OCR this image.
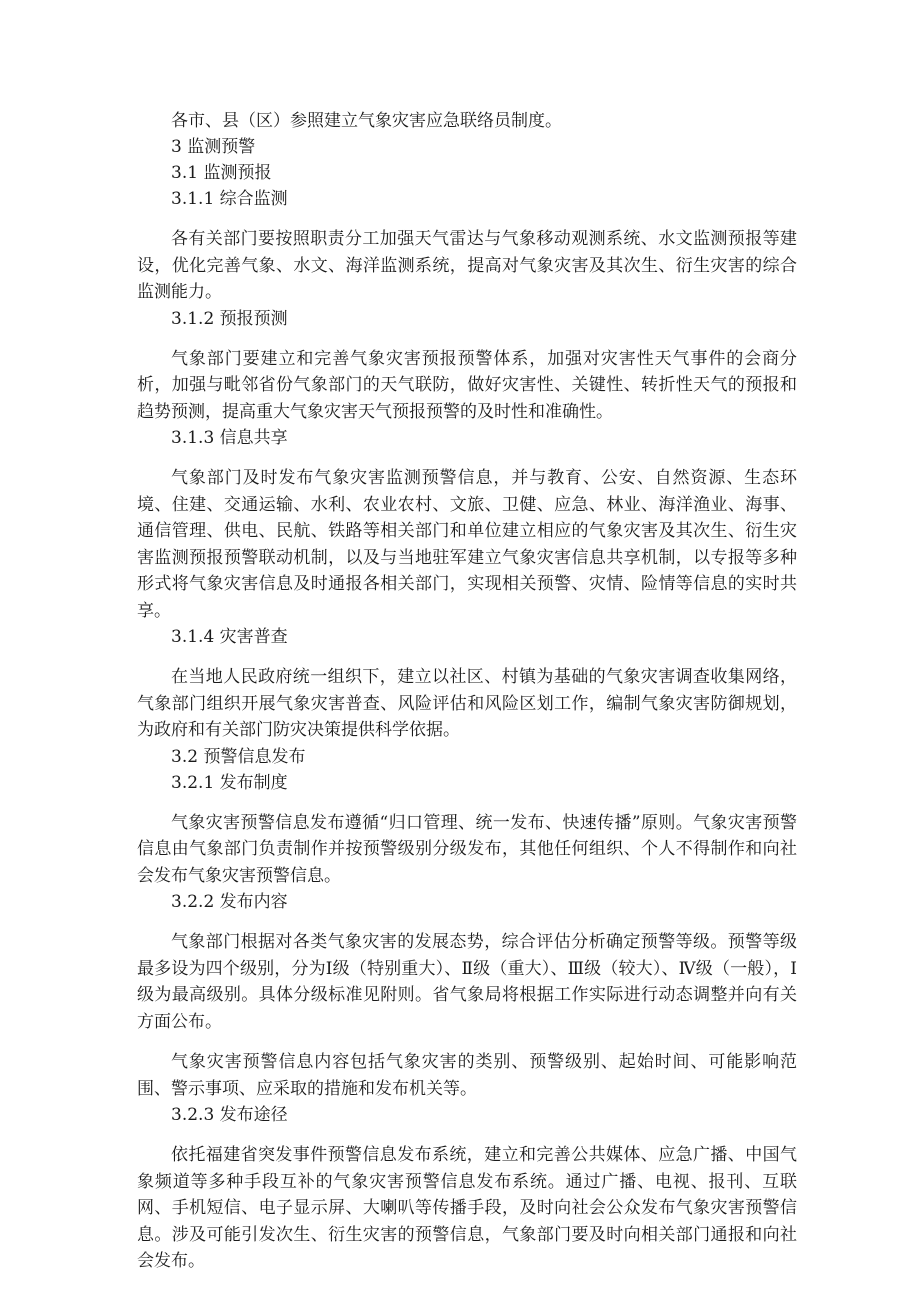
各市、县（区）参照建立气象灾害应急联络员制度。

3 监测预警

3.1 监测预报

3.1.1 综合监测

各有关部门要按照职责分工加强天气雷达与气象移动观测系统、水文监测预报等建设，优化完善气象、水文、海洋监测系统，提高对气象灾害及其次生、衍生灾害的综合监测能力。

3.1.2 预报预测

气象部门要建立和完善气象灾害预报预警体系，加强对灾害性天气事件的会商分析，加强与毗邻省份气象部门的天气联防，做好灾害性、关键性、转折性天气的预报和趋势预测，提高重大气象灾害天气预报预警的及时性和准确性。

3.1.3 信息共享

气象部门及时发布气象灾害监测预警信息，并与教育、公安、自然资源、生态环境、住建、交通运输、水利、农业农村、文旅、卫健、应急、林业、海洋渔业、海事、通信管理、供电、民航、铁路等相关部门和单位建立相应的气象灾害及其次生、衍生灾害监测预报预警联动机制，以及与当地驻军建立气象灾害信息共享机制，以专报等多种形式将气象灾害信息及时通报各相关部门，实现相关预警、灾情、险情等信息的实时共享。

3.1.4 灾害普查

在当地人民政府统一组织下，建立以社区、村镇为基础的气象灾害调查收集网络，气象部门组织开展气象灾害普查、风险评估和风险区划工作，编制气象灾害防御规划，为政府和有关部门防灾决策提供科学依据。

3.2 预警信息发布

3.2.1 发布制度

气象灾害预警信息发布遵循“归口管理、统一发布、快速传播”原则。气象灾害预警信息由气象部门负责制作并按预警级别分级发布，其他任何组织、个人不得制作和向社会发布气象灾害预警信息。

3.2.2 发布内容

气象部门根据对各类气象灾害的发展态势，综合评估分析确定预警等级。预警等级最多设为四个级别，分为Ⅰ级（特别重大）、Ⅱ级（重大）、Ⅲ级（较大）、Ⅳ级（一般），Ⅰ级为最高级别。具体分级标准见附则。省气象局将根据工作实际进行动态调整并向有关方面公布。

气象灾害预警信息内容包括气象灾害的类别、预警级别、起始时间、可能影响范围、警示事项、应采取的措施和发布机关等。

3.2.3 发布途径

依托福建省突发事件预警信息发布系统，建立和完善公共媒体、应急广播、中国气象频道等多种手段互补的气象灾害预警信息发布系统。通过广播、电视、报刊、互联网、手机短信、电子显示屏、大喇叭等传播手段，及时向社会公众发布气象灾害预警信息。涉及可能引发次生、衍生灾害的预警信息，气象部门要及时向相关部门通报和向社会发布。
